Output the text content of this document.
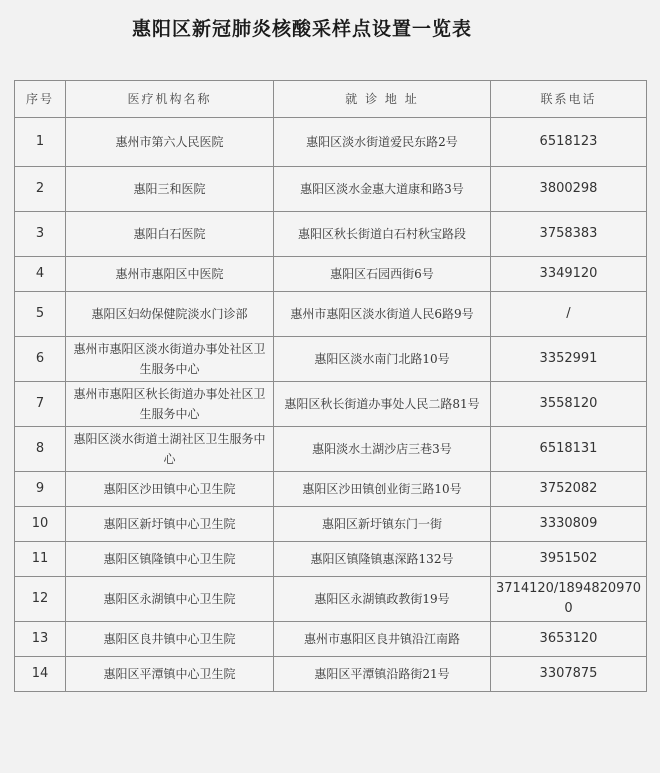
惠阳区新冠肺炎核酸采样点设置一览表
序号	医疗机构名称	就 诊 地 址	联系电话
1	惠州市第六人民医院	惠阳区淡水街道爱民东路2号	6518123
2	惠阳三和医院	惠阳区淡水金惠大道康和路3号	3800298
3	惠阳白石医院	惠阳区秋长街道白石村秋宝路段	3758383
4	惠州市惠阳区中医院	惠阳区石园西街6号	3349120
5	惠阳区妇幼保健院淡水门诊部	惠州市惠阳区淡水街道人民6路9号	/
6	惠州市惠阳区淡水街道办事处社区卫生服务中心	惠阳区淡水南门北路10号	3352991
7	惠州市惠阳区秋长街道办事处社区卫生服务中心	惠阳区秋长街道办事处人民二路81号	3558120
8	惠阳区淡水街道土湖社区卫生服务中心	惠阳淡水土湖沙店三巷3号	6518131
9	惠阳区沙田镇中心卫生院	惠阳区沙田镇创业街三路10号	3752082
10	惠阳区新圩镇中心卫生院	惠阳区新圩镇东门一街	3330809
11	惠阳区镇隆镇中心卫生院	惠阳区镇隆镇惠深路132号	3951502
12	惠阳区永湖镇中心卫生院	惠阳区永湖镇政教街19号	3714120/18948209700
13	惠阳区良井镇中心卫生院	惠州市惠阳区良井镇沿江南路	3653120
14	惠阳区平潭镇中心卫生院	惠阳区平潭镇沿路街21号	3307875
